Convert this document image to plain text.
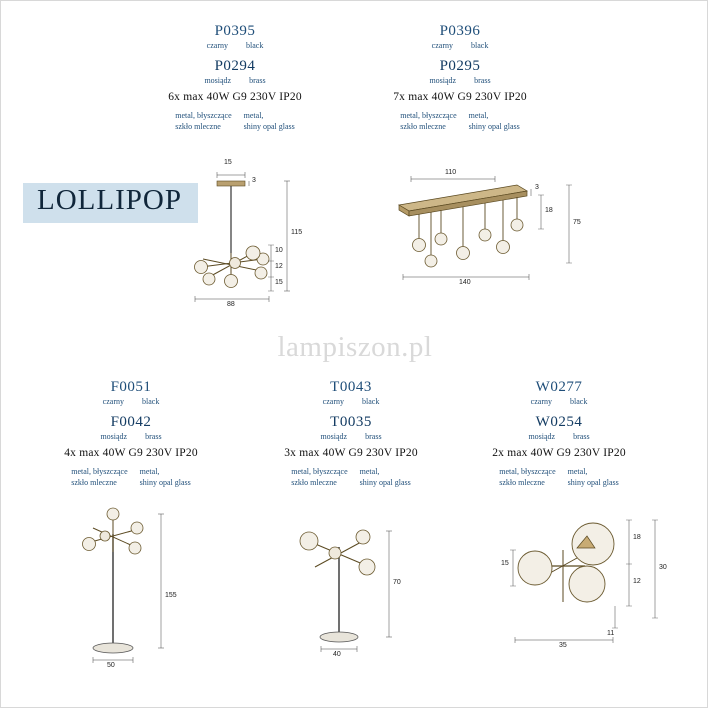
P0395
czarny black
P0294
mosiądz brass
6x max 40W G9 230V IP20
metal, błyszczące
szkło mleczne
metal,
shiny opal glass
P0396
czarny black
P0295
mosiądz brass
7x max 40W G9 230V IP20
metal, błyszczące
szkło mleczne
metal,
shiny opal glass
LOLLIPOP
15
3
115
10
12
15
88
110
3
18
75
140
lampiszon.pl
F0051
czarny black
F0042
mosiądz brass
4x max 40W G9 230V IP20
metal, błyszczące
szkło mleczne
metal,
shiny opal glass
T0043
czarny black
T0035
mosiądz brass
3x max 40W G9 230V IP20
metal, błyszczące
szkło mleczne
metal,
shiny opal glass
W0277
czarny black
W0254
mosiądz brass
2x max 40W G9 230V IP20
metal, błyszczące
szkło mleczne
metal,
shiny opal glass
155
50
70
40
15
18
30
12
11
35
